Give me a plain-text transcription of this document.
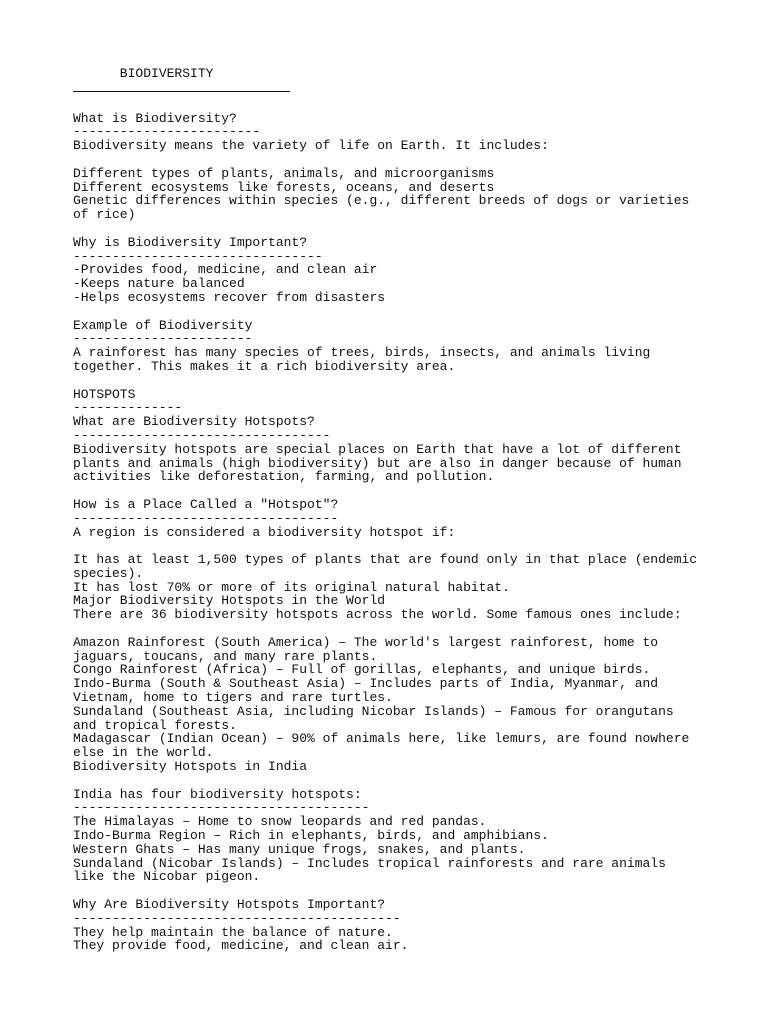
BIODIVERSITY
What is Biodiversity?
------------------------
Biodiversity means the variety of life on Earth. It includes:
Different types of plants, animals, and microorganisms
Different ecosystems like forests, oceans, and deserts
Genetic differences within species (e.g., different breeds of dogs or varieties
of rice)
Why is Biodiversity Important?
--------------------------------
-Provides food, medicine, and clean air
-Keeps nature balanced
-Helps ecosystems recover from disasters
Example of Biodiversity
-----------------------
A rainforest has many species of trees, birds, insects, and animals living
together. This makes it a rich biodiversity area.
HOTSPOTS
--------------
What are Biodiversity Hotspots?
---------------------------------
Biodiversity hotspots are special places on Earth that have a lot of different
plants and animals (high biodiversity) but are also in danger because of human
activities like deforestation, farming, and pollution.
How is a Place Called a "Hotspot"?
----------------------------------
A region is considered a biodiversity hotspot if:
It has at least 1,500 types of plants that are found only in that place (endemic
species).
It has lost 70% or more of its original natural habitat.
Major Biodiversity Hotspots in the World
There are 36 biodiversity hotspots across the world. Some famous ones include:
Amazon Rainforest (South America) – The world's largest rainforest, home to
jaguars, toucans, and many rare plants.
Congo Rainforest (Africa) – Full of gorillas, elephants, and unique birds.
Indo-Burma (South & Southeast Asia) – Includes parts of India, Myanmar, and
Vietnam, home to tigers and rare turtles.
Sundaland (Southeast Asia, including Nicobar Islands) – Famous for orangutans
and tropical forests.
Madagascar (Indian Ocean) – 90% of animals here, like lemurs, are found nowhere
else in the world.
Biodiversity Hotspots in India
India has four biodiversity hotspots:
--------------------------------------
The Himalayas – Home to snow leopards and red pandas.
Indo-Burma Region – Rich in elephants, birds, and amphibians.
Western Ghats – Has many unique frogs, snakes, and plants.
Sundaland (Nicobar Islands) – Includes tropical rainforests and rare animals
like the Nicobar pigeon.
Why Are Biodiversity Hotspots Important?
------------------------------------------
They help maintain the balance of nature.
They provide food, medicine, and clean air.
